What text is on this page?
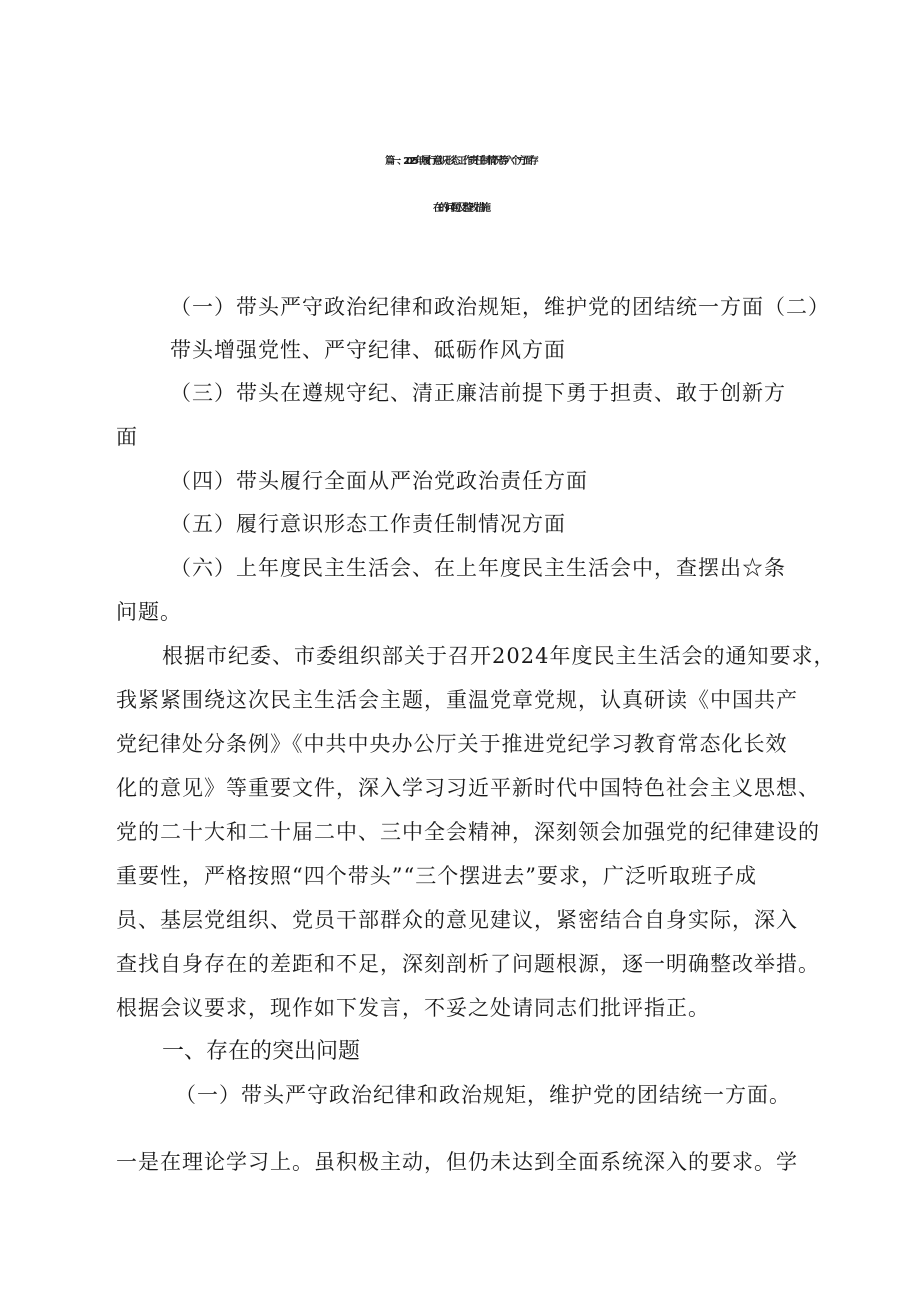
篇一、2025年履行意识形态工作责任制情况等六个方面存
在的问题及整改措施
（一）带头严守政治纪律和政治规矩，维护党的团结统一方面（二）
带头增强党性、严守纪律、砥砺作风方面
（三）带头在遵规守纪、清正廉洁前提下勇于担责、敢于创新方
面
（四）带头履行全面从严治党政治责任方面
（五）履行意识形态工作责任制情况方面
（六）上年度民主生活会、在上年度民主生活会中，查摆出☆条
问题。
根据市纪委、市委组织部关于召开2024年度民主生活会的通知要求，
我紧紧围绕这次民主生活会主题，重温党章党规，认真研读《中国共产
党纪律处分条例》《中共中央办公厅关于推进党纪学习教育常态化长效
化的意见》等重要文件，深入学习习近平新时代中国特色社会主义思想、
党的二十大和二十届二中、三中全会精神，深刻领会加强党的纪律建设的
重要性，严格按照“四个带头”“三个摆进去”要求，广泛听取班子成
员、基层党组织、党员干部群众的意见建议，紧密结合自身实际，深入
查找自身存在的差距和不足，深刻剖析了问题根源，逐一明确整改举措。
根据会议要求，现作如下发言，不妥之处请同志们批评指正。
一、存在的突出问题
（一）带头严守政治纪律和政治规矩，维护党的团结统一方面。
一是在理论学习上。虽积极主动，但仍未达到全面系统深入的要求。学
